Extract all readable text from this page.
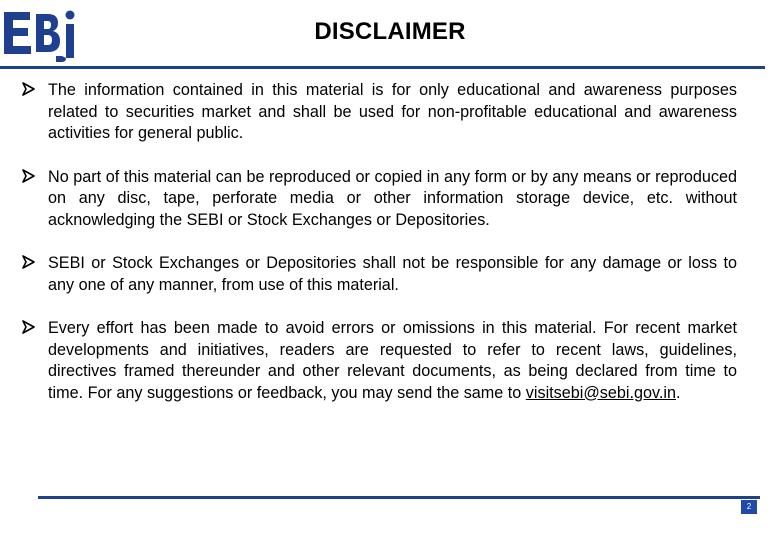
DISCLAIMER
The information contained in this material is for only educational and awareness purposes related to securities market and shall be used for non-profitable educational and awareness activities for general public.
No part of this material can be reproduced or copied in any form or by any means or reproduced on any disc, tape, perforate media or other information storage device, etc. without acknowledging the SEBI or Stock Exchanges or Depositories.
SEBI or Stock Exchanges or Depositories shall not be responsible for any damage or loss to any one of any manner, from use of this material.
Every effort has been made to avoid errors or omissions in this material. For recent market developments and initiatives, readers are requested to refer to recent laws, guidelines, directives framed thereunder and other relevant documents, as being declared from time to time. For any suggestions or feedback, you may send the same to visitsebi@sebi.gov.in.
2
